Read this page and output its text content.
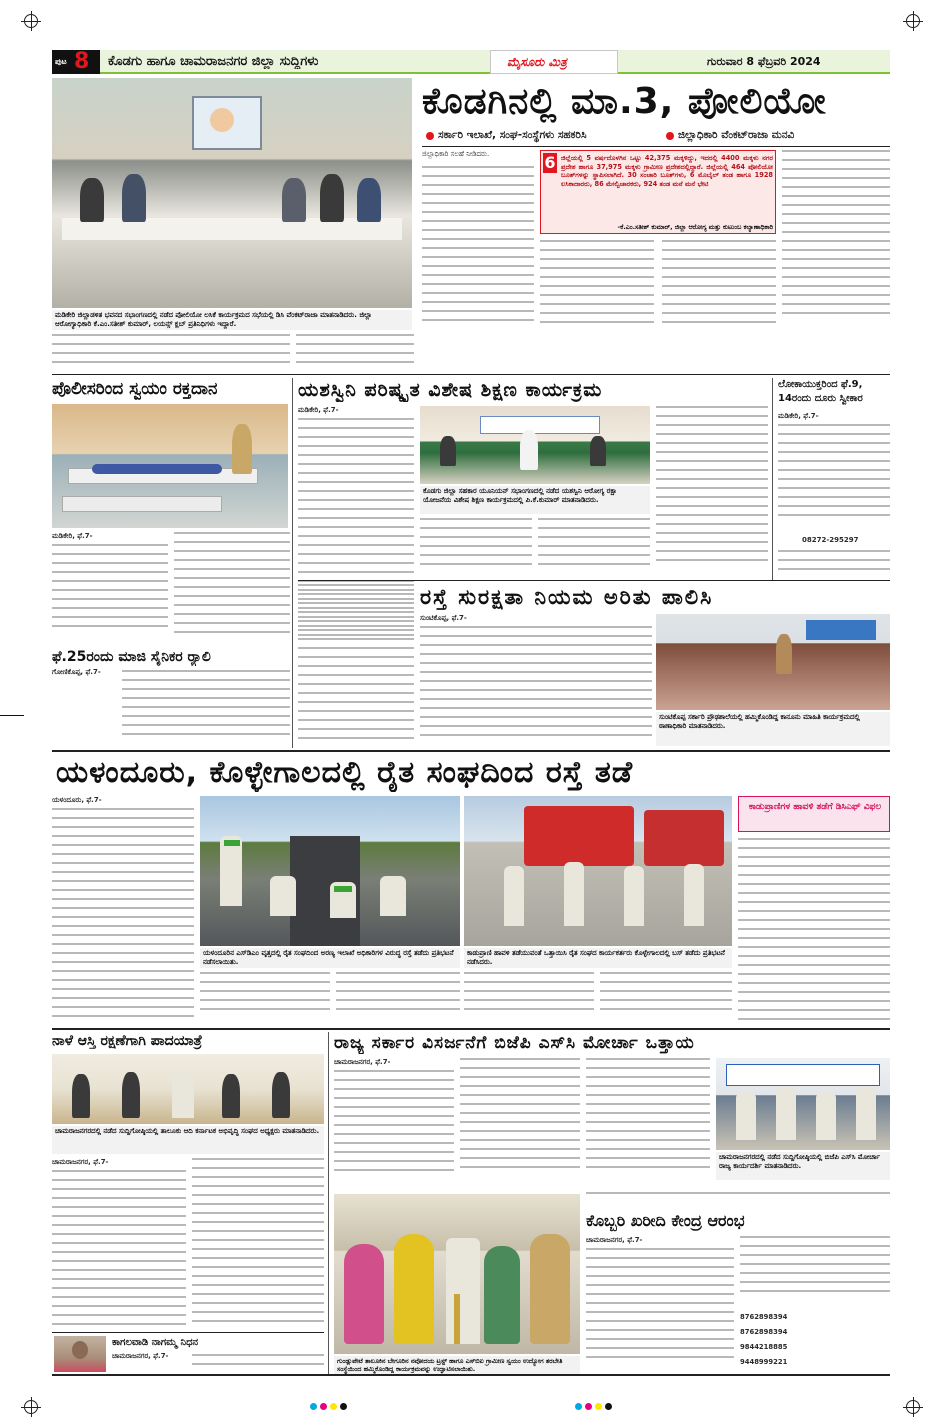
ಪುಟ 8 ಕೊಡಗು ಹಾಗೂ ಚಾಮರಾಜನಗರ ಜಿಲ್ಲಾ ಸುದ್ದಿಗಳು	ಮೈಸೂರು ಮಿತ್ರ	ಗುರುವಾರ 8 ಫೆಬ್ರವರಿ 2024
ಮಡಿಕೇರಿ ಜಿಲ್ಲಾಡಳಿತ ಭವನದ ಸಭಾಂಗಣದಲ್ಲಿ ನಡೆದ ಪೋಲಿಯೋ ಲಸಿಕೆ ಕಾರ್ಯಕ್ರಮದ ಸಭೆಯಲ್ಲಿ ಡಿಸಿ ವೆಂಕಟ್‌ರಾಜಾ ಮಾತನಾಡಿದರು. ಜಿಲ್ಲಾ ಆರೋಗ್ಯಾಧಿಕಾರಿ ಕೆ.ಎಂ.ಸತೀಶ್ ಕುಮಾರ್, ಲಯನ್ಸ್ ಕ್ಲಬ್ ಪ್ರತಿನಿಧಿಗಳು ಇದ್ದಾರೆ.
ಕೊಡಗಿನಲ್ಲಿ ಮಾ.3, ಪೋಲಿಯೋ
ಸರ್ಕಾರಿ ಇಲಾಖೆ, ಸಂಘ-ಸಂಸ್ಥೆಗಳು ಸಹಕರಿಸಿ	ಜಿಲ್ಲಾಧಿಕಾರಿ ವೆಂಕಟ್‌ರಾಜಾ ಮನವಿ
ಜಿಲ್ಲಾಧಿಕಾರಿ ಸಲಹೆ ನೀಡಿದರು.	6 ಜಿಲ್ಲೆಯಲ್ಲಿ 5 ವರ್ಷದೊಳಗಿನ ಒಟ್ಟು 42,375 ಮಕ್ಕಳಿದ್ದು, ಇದರಲ್ಲಿ 4400 ಮಕ್ಕಳು ನಗರ ಪ್ರದೇಶ ಹಾಗೂ 37,975 ಮಕ್ಕಳು ಗ್ರಾಮೀಣ ಪ್ರದೇಶದಲ್ಲಿದ್ದಾರೆ. ಜಿಲ್ಲೆಯಲ್ಲಿ 464 ಪೋಲಿಯೋ ಬೂತ್‌ಗಳನ್ನು ಸ್ಥಾಪಿಸಲಾಗಿದೆ. 30 ಸಂಚಾರಿ ಬೂತ್‌ಗಳು, 6 ಮೊಬೈಲ್ ತಂಡ ಹಾಗೂ 1928 ಲಸಿಕಾದಾರರು, 86 ಮೇಲ್ವಿಚಾರಕರು, 924 ತಂಡ ಮನೆ ಮನೆ ಭೇಟಿ
-ಕೆ.ಎಂ.ಸತೀಶ್ ಕುಮಾರ್, ಜಿಲ್ಲಾ ಆರೋಗ್ಯ ಮತ್ತು ಕುಟುಂಬ ಕಲ್ಯಾಣಾಧಿಕಾರಿ
ಪೊಲೀಸರಿಂದ ಸ್ವಯಂ ರಕ್ತದಾನ
ಮಡಿಕೇರಿ, ಫೆ.7-
ಫೆ.25ರಂದು ಮಾಜಿ ಸೈನಿಕರ ರ‍್ಯಾಲಿ
ಗೋಣಿಕೊಪ್ಪ, ಫೆ.7-
ಯಶಸ್ವಿನಿ ಪರಿಷ್ಕೃತ ವಿಶೇಷ ಶಿಕ್ಷಣ ಕಾರ್ಯಕ್ರಮ
ಮಡಿಕೇರಿ, ಫೆ.7-
ಕೊಡಗು ಜಿಲ್ಲಾ ಸಹಕಾರ ಯೂನಿಯನ್ ಸಭಾಂಗಣದಲ್ಲಿ ನಡೆದ ಯಶಸ್ವಿನಿ ಆರೋಗ್ಯ ರಕ್ಷಾ ಯೋಜನೆಯ ವಿಶೇಷ ಶಿಕ್ಷಣ ಕಾರ್ಯಕ್ರಮದಲ್ಲಿ ಪಿ.ಕೆ.ಕುಮಾರ್ ಮಾತನಾಡಿದರು.
ಲೋಕಾಯುಕ್ತರಿಂದ ಫೆ.9, 14ರಂದು ದೂರು ಸ್ವೀಕಾರ
ಮಡಿಕೇರಿ, ಫೆ.7-
08272-295297
ರಸ್ತೆ ಸುರಕ್ಷತಾ ನಿಯಮ ಅರಿತು ಪಾಲಿಸಿ
ಸುಂಟಿಕೊಪ್ಪ, ಫೆ.7-
ಸುಂಟಿಕೊಪ್ಪ ಸರ್ಕಾರಿ ಪ್ರೌಢಶಾಲೆಯಲ್ಲಿ ಹಮ್ಮಿಕೊಂಡಿದ್ದ ಕಾನೂನು ಮಾಹಿತಿ ಕಾರ್ಯಕ್ರಮದಲ್ಲಿ ಠಾಣಾಧಿಕಾರಿ ಮಾತನಾಡಿದರು.
ಯಳಂದೂರು, ಕೊಳ್ಳೇಗಾಲದಲ್ಲಿ ರೈತ ಸಂಘದಿಂದ ರಸ್ತೆ ತಡೆ
ಯಳಂದೂರು, ಫೆ.7-
ಯಳಂದೂರಿನ ಎಸ್‌ಡಿಎಂ ವೃತ್ತದಲ್ಲಿ ರೈತ ಸಂಘದಿಂದ ಅರಣ್ಯ ಇಲಾಖೆ ಅಧಿಕಾರಿಗಳ ವಿರುದ್ಧ ರಸ್ತೆ ತಡೆದು ಪ್ರತಿಭಟನೆ ನಡೆಸಲಾಯಿತು.
ಕಾಡುಪ್ರಾಣಿ ಹಾವಳಿ ತಡೆಯುವಂತೆ ಒತ್ತಾಯಿಸಿ ರೈತ ಸಂಘದ ಕಾರ್ಯಕರ್ತರು ಕೊಳ್ಳೇಗಾಲದಲ್ಲಿ ಬಸ್ ತಡೆದು ಪ್ರತಿಭಟನೆ ನಡೆಸಿದರು.
ಕಾಡುಪ್ರಾಣಿಗಳ ಹಾವಳಿ ತಡೆಗೆ ಡಿಸಿಎಫ್ ವಿಫಲ
ನಾಳೆ ಆಸ್ತಿ ರಕ್ಷಣೆಗಾಗಿ ಪಾದಯಾತ್ರೆ
ಚಾಮರಾಜನಗರದಲ್ಲಿ ನಡೆದ ಸುದ್ದಿಗೋಷ್ಠಿಯಲ್ಲಿ ತಾಲೂಕು ಆದಿ ಕರ್ನಾಟಕ ಅಭಿವೃದ್ಧಿ ಸಂಘದ ಅಧ್ಯಕ್ಷರು ಮಾತನಾಡಿದರು.
ಚಾಮರಾಜನಗರ, ಫೆ.7-
ಕಾಗಲವಾಡಿ ನಾಗಮ್ಮ ನಿಧನ
ಚಾಮರಾಜನಗರ, ಫೆ.7-
ರಾಜ್ಯ ಸರ್ಕಾರ ವಿಸರ್ಜನೆಗೆ ಬಿಜೆಪಿ ಎಸ್‌ಸಿ ಮೋರ್ಚಾ ಒತ್ತಾಯ
ಚಾಮರಾಜನಗರ, ಫೆ.7-
ಚಾಮರಾಜನಗರದಲ್ಲಿ ನಡೆದ ಸುದ್ದಿಗೋಷ್ಠಿಯಲ್ಲಿ ಬಿಜೆಪಿ ಎಸ್‌ಸಿ ಮೋರ್ಚಾ ರಾಜ್ಯ ಕಾರ್ಯದರ್ಶಿ ಮಾತನಾಡಿದರು.
ಗುಂಡ್ಲುಪೇಟೆ ತಾಲೂಕಿನ ಬೇಗೂರಿನ ನವೋದಯ ಟ್ರಸ್ಟ್ ಹಾಗೂ ಎಸ್‌ಬಿಐ ಗ್ರಾಮೀಣ ಸ್ವಯಂ ಉದ್ಯೋಗ ತರಬೇತಿ ಸಂಸ್ಥೆಯಿಂದ ಹಮ್ಮಿಕೊಂಡಿದ್ದ ಕಾರ್ಯಕ್ರಮವನ್ನು ಉದ್ಘಾಟಿಸಲಾಯಿತು.
ಕೊಬ್ಬರಿ ಖರೀದಿ ಕೇಂದ್ರ ಆರಂಭ
ಚಾಮರಾಜನಗರ, ಫೆ.7-
8762898394
8762898394
9844218885
9448999221
